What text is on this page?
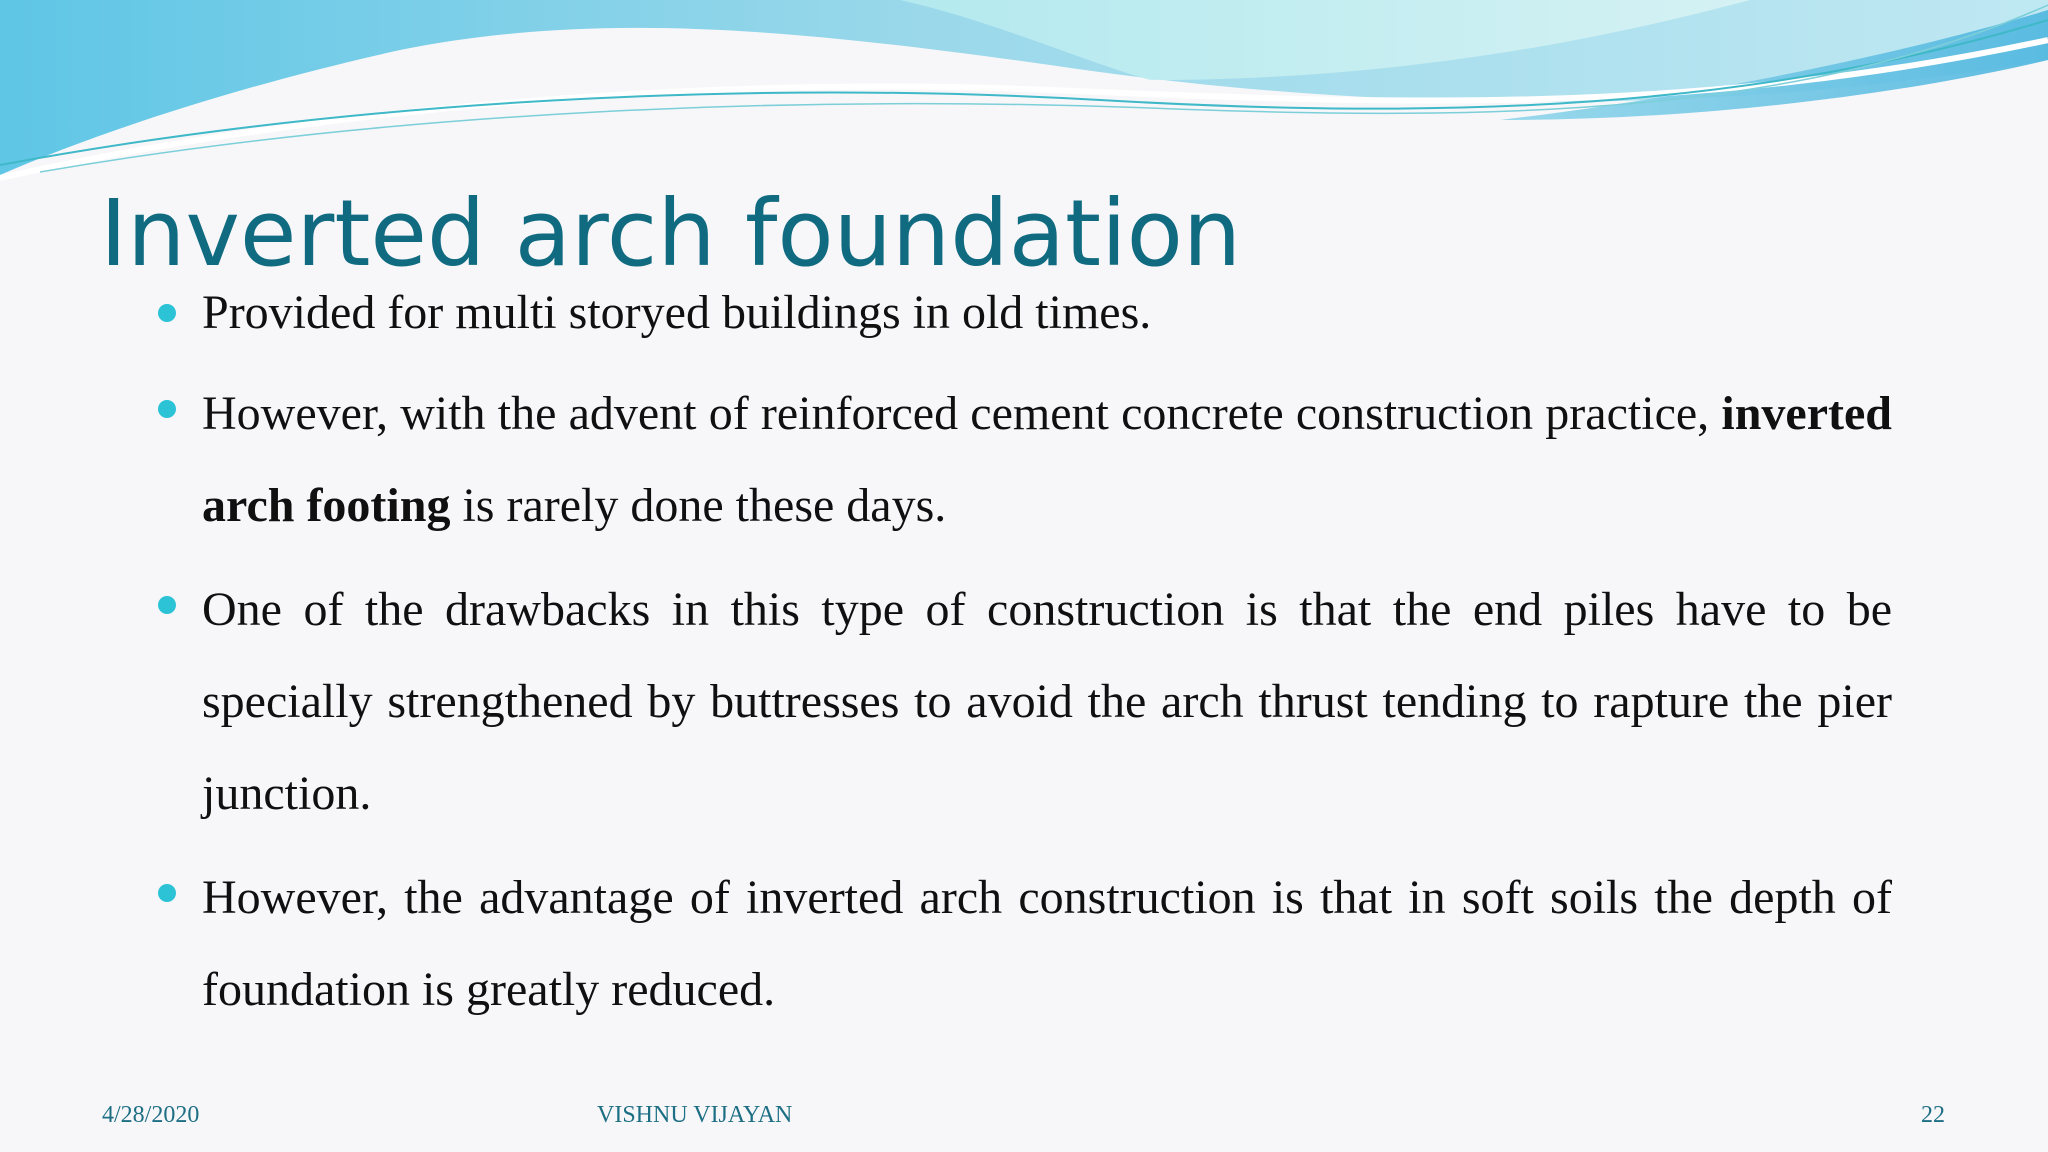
Inverted arch foundation
Provided for multi storyed buildings in old times.
However, with the advent of reinforced cement concrete construction practice, inverted arch footing is rarely done these days.
One of the drawbacks in this type of construction is that the end piles have to be specially strengthened by buttresses to avoid the arch thrust tending to rapture the pier junction.
However, the advantage of inverted arch construction is that in soft soils the depth of foundation is greatly reduced.
4/28/2020	VISHNU VIJAYAN	22
